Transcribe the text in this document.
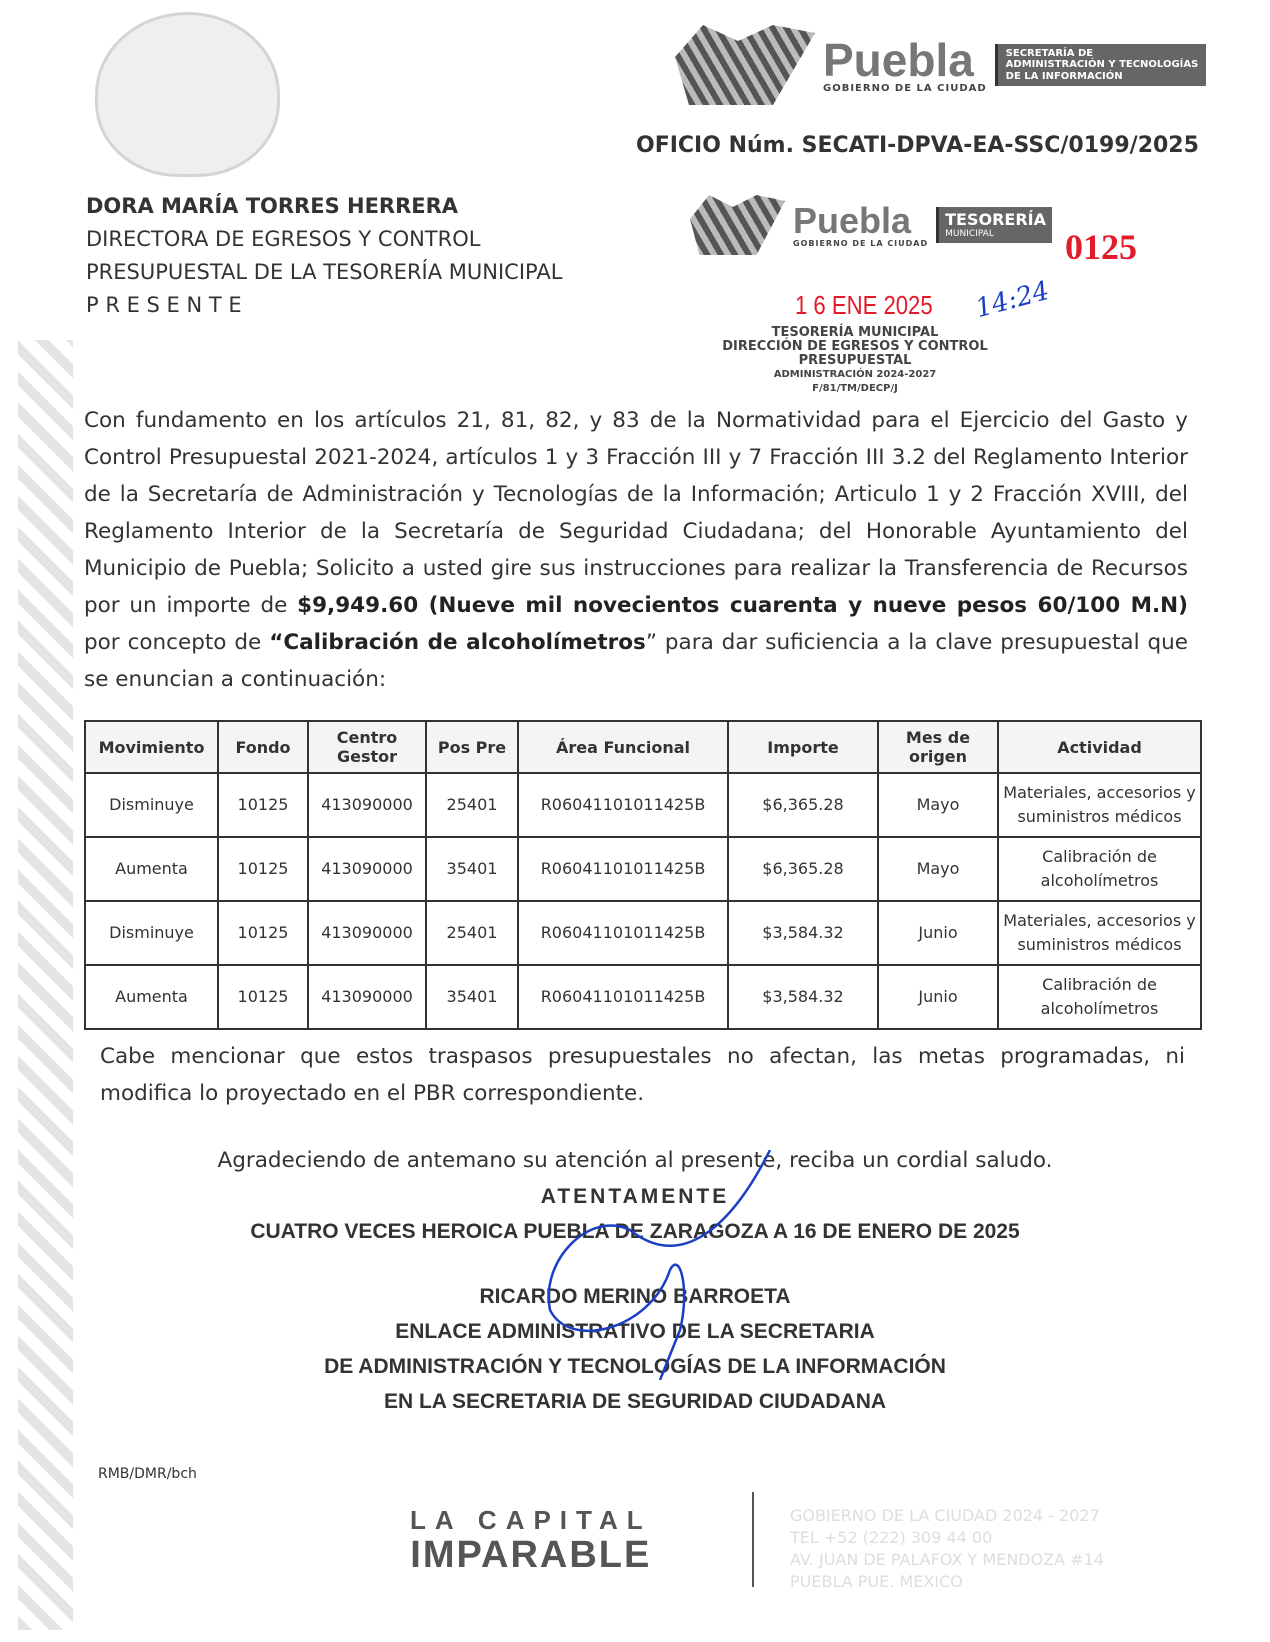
Puebla
GOBIERNO DE LA CIUDAD
SECRETARÍA DE
ADMINISTRACIÓN Y TECNOLOGÍAS
DE LA INFORMACIÓN
OFICIO Núm. SECATI-DPVA-EA-SSC/0199/2025
DORA MARÍA TORRES HERRERA
DIRECTORA DE EGRESOS Y CONTROL
PRESUPUESTAL DE LA TESORERÍA MUNICIPAL
P R E S E N T E
Puebla
GOBIERNO DE LA CIUDAD
TESORERÍA
MUNICIPAL	0125
1 6 ENE 2025 14:24
TESORERÍA MUNICIPAL
DIRECCIÓN DE EGRESOS Y CONTROL
PRESUPUESTAL
ADMINISTRACIÓN 2024-2027
F/81/TM/DECP/J
Con fundamento en los artículos 21, 81, 82, y 83 de la Normatividad para el Ejercicio del Gasto y Control Presupuestal 2021-2024, artículos 1 y 3 Fracción III y 7 Fracción III 3.2 del Reglamento Interior de la Secretaría de Administración y Tecnologías de la Información; Articulo 1 y 2 Fracción XVIII, del Reglamento Interior de la Secretaría de Seguridad Ciudadana; del Honorable Ayuntamiento del Municipio de Puebla; Solicito a usted gire sus instrucciones para realizar la Transferencia de Recursos por un importe de $9,949.60 (Nueve mil novecientos cuarenta y nueve pesos 60/100 M.N) por concepto de “Calibración de alcoholímetros” para dar suficiencia a la clave presupuestal que se enuncian a continuación:
Movimiento	Fondo	Centro Gestor	Pos Pre	Área Funcional	Importe	Mes de origen	Actividad
Disminuye	10125	413090000	25401	R06041101011425B	$6,365.28	Mayo	Materiales, accesorios y suministros médicos
Aumenta	10125	413090000	35401	R06041101011425B	$6,365.28	Mayo	Calibración de alcoholímetros
Disminuye	10125	413090000	25401	R06041101011425B	$3,584.32	Junio	Materiales, accesorios y suministros médicos
Aumenta	10125	413090000	35401	R06041101011425B	$3,584.32	Junio	Calibración de alcoholímetros
Cabe mencionar que estos traspasos presupuestales no afectan, las metas programadas, ni modifica lo proyectado en el PBR correspondiente.
Agradeciendo de antemano su atención al presente, reciba un cordial saludo.
ATENTAMENTE
CUATRO VECES HEROICA PUEBLA DE ZARAGOZA A 16 DE ENERO DE 2025
RICARDO MERINO BARROETA
ENLACE ADMINISTRATIVO DE LA SECRETARIA
DE ADMINISTRACIÓN Y TECNOLOGÍAS DE LA INFORMACIÓN
EN LA SECRETARIA DE SEGURIDAD CIUDADANA
RMB/DMR/bch
LA CAPITAL
IMPARABLE
GOBIERNO DE LA CIUDAD 2024 - 2027
TEL +52 (222) 309 44 00
AV. JUAN DE PALAFOX Y MENDOZA #14
PUEBLA PUE. MEXICO
